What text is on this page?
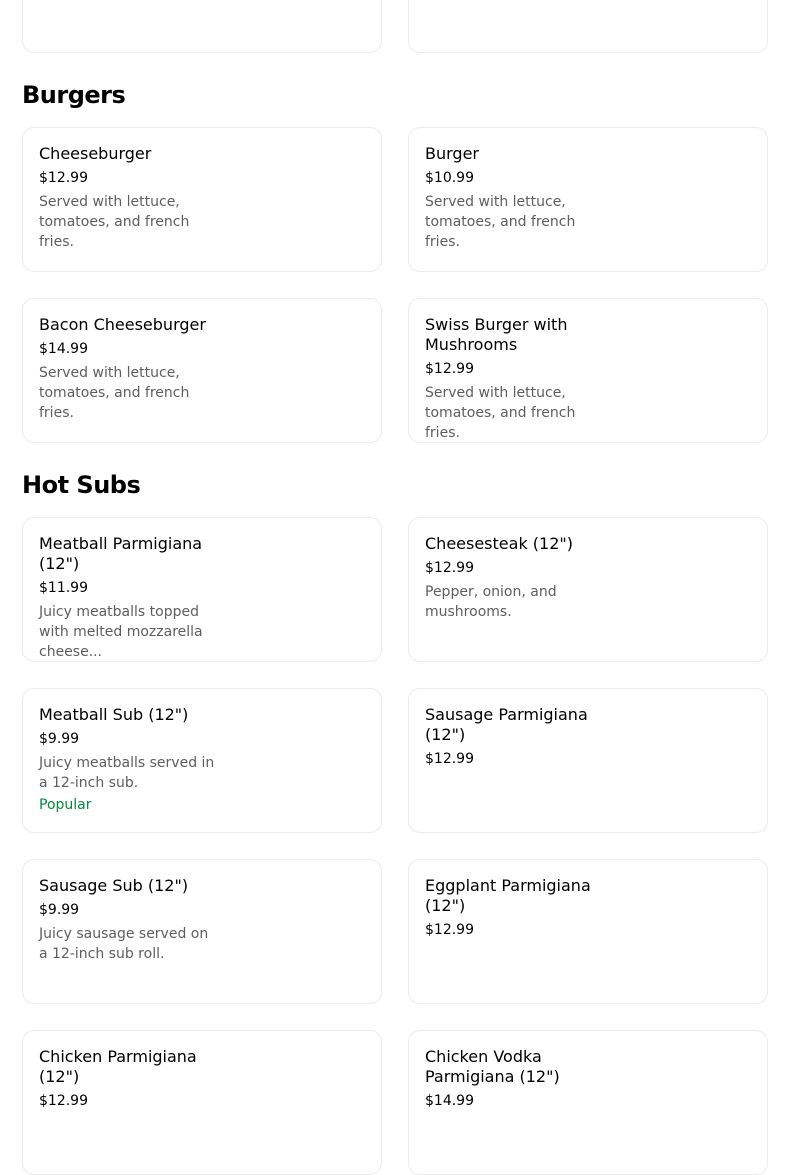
Burgers
Cheeseburger
$12.99
Served with lettuce, tomatoes, and french fries.
Burger
$10.99
Served with lettuce, tomatoes, and french fries.
Bacon Cheeseburger
$14.99
Served with lettuce, tomatoes, and french fries.
Swiss Burger with Mushrooms
$12.99
Served with lettuce, tomatoes, and french fries.
Hot Subs
Meatball Parmigiana (12")
$11.99
Juicy meatballs topped with melted mozzarella cheese...
Cheesesteak (12")
$12.99
Pepper, onion, and mushrooms.
Meatball Sub (12")
$9.99
Juicy meatballs served in a 12-inch sub.
Popular
Sausage Parmigiana (12")
$12.99
Sausage Sub (12")
$9.99
Juicy sausage served on a 12-inch sub roll.
Eggplant Parmigiana (12")
$12.99
Chicken Parmigiana (12")
$12.99
Chicken Vodka Parmigiana (12")
$14.99
